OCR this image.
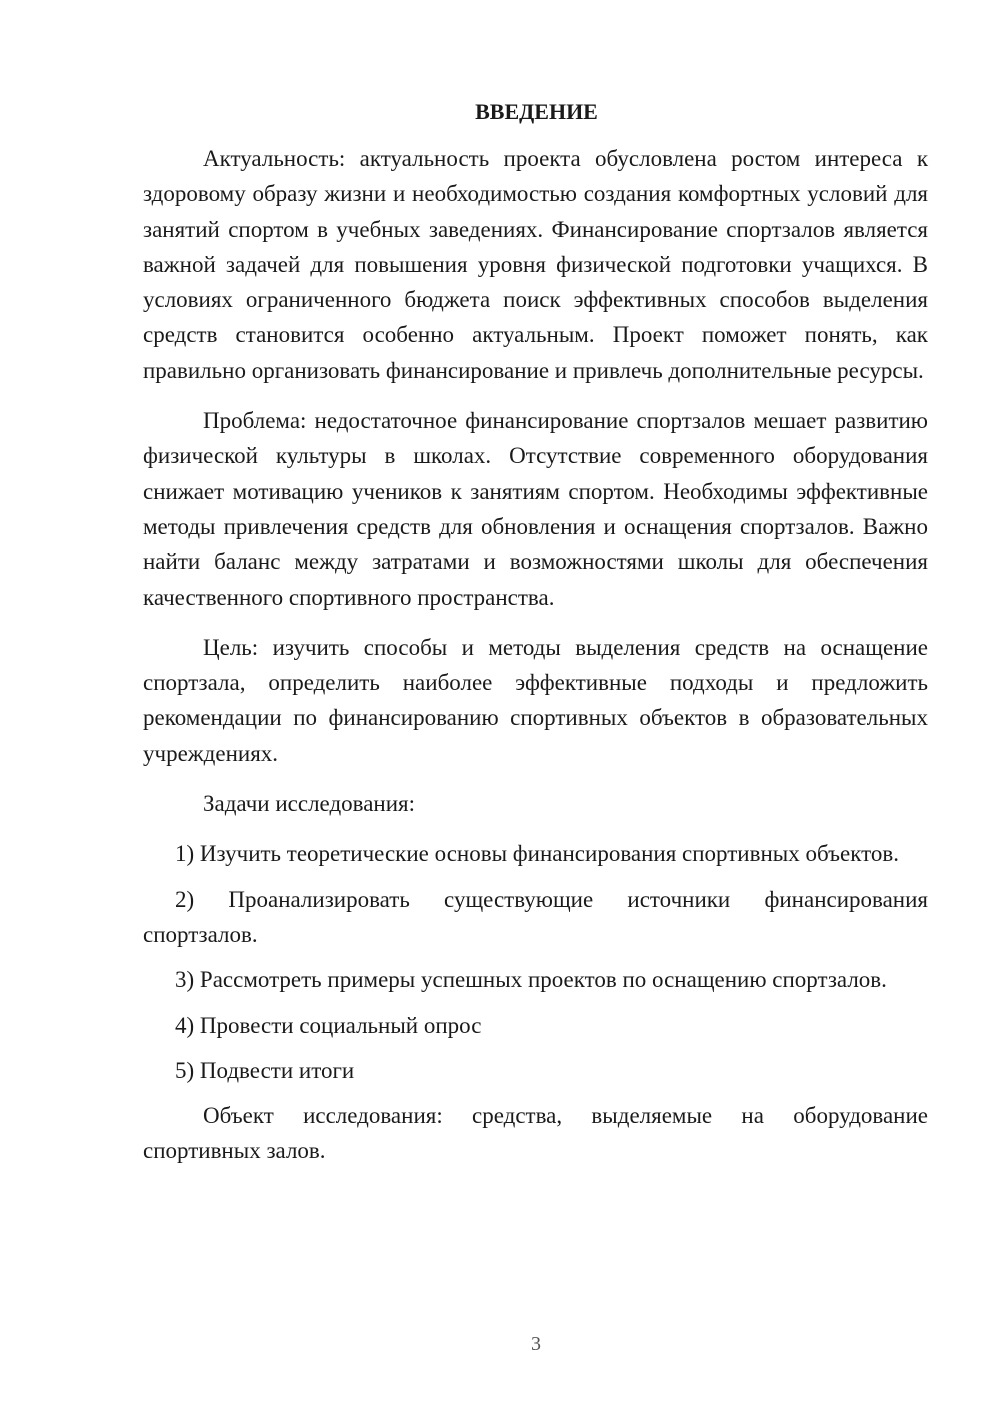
ВВЕДЕНИЕ

Актуальность: актуальность проекта обусловлена ростом интереса к здоровому образу жизни и необходимостью создания комфортных условий для занятий спортом в учебных заведениях. Финансирование спортзалов является важной задачей для повышения уровня физической подготовки учащихся. В условиях ограниченного бюджета поиск эффективных способов выделения средств становится особенно актуальным. Проект поможет понять, как правильно организовать финансирование и привлечь дополнительные ресурсы.

Проблема: недостаточное финансирование спортзалов мешает развитию физической культуры в школах. Отсутствие современного оборудования снижает мотивацию учеников к занятиям спортом. Необходимы эффективные методы привлечения средств для обновления и оснащения спортзалов. Важно найти баланс между затратами и возможностями школы для обеспечения качественного спортивного пространства.

Цель: изучить способы и методы выделения средств на оснащение спортзала, определить наиболее эффективные подходы и предложить рекомендации по финансированию спортивных объектов в образовательных учреждениях.

Задачи исследования:

1) Изучить теоретические основы финансирования спортивных объектов.

2) Проанализировать существующие источники финансирования спортзалов.

3) Рассмотреть примеры успешных проектов по оснащению спортзалов.

4) Провести социальный опрос

5) Подвести итоги

Объект исследования: средства, выделяемые на оборудование спортивных залов.

3
